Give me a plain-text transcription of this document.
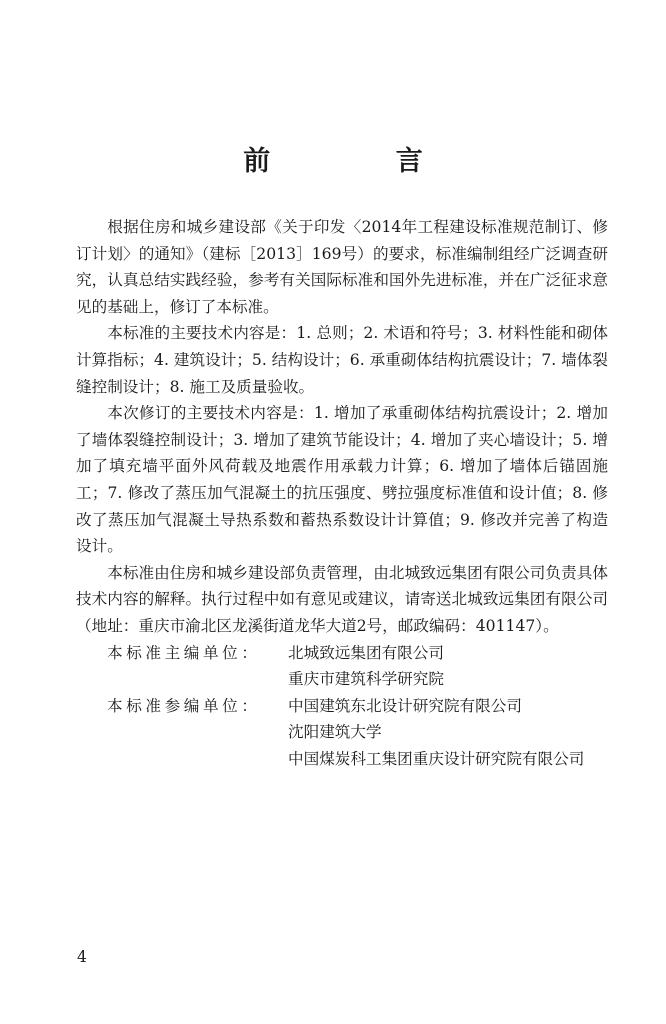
前 言

根据住房和城乡建设部《关于印发〈2014年工程建设标准规范制订、修订计划〉的通知》（建标［2013］169号）的要求，标准编制组经广泛调查研究，认真总结实践经验，参考有关国际标准和国外先进标准，并在广泛征求意见的基础上，修订了本标准。

本标准的主要技术内容是：1. 总则；2. 术语和符号；3. 材料性能和砌体计算指标；4. 建筑设计；5. 结构设计；6. 承重砌体结构抗震设计；7. 墙体裂缝控制设计；8. 施工及质量验收。

本次修订的主要技术内容是：1. 增加了承重砌体结构抗震设计；2. 增加了墙体裂缝控制设计；3. 增加了建筑节能设计；4. 增加了夹心墙设计；5. 增加了填充墙平面外风荷载及地震作用承载力计算；6. 增加了墙体后锚固施工；7. 修改了蒸压加气混凝土的抗压强度、劈拉强度标准值和设计值；8. 修改了蒸压加气混凝土导热系数和蓄热系数设计计算值；9. 修改并完善了构造设计。

本标准由住房和城乡建设部负责管理，由北城致远集团有限公司负责具体技术内容的解释。执行过程中如有意见或建议，请寄送北城致远集团有限公司（地址：重庆市渝北区龙溪街道龙华大道2号，邮政编码：401147）。

本标准主编单位：	北城致远集团有限公司
重庆市建筑科学研究院
本标准参编单位：	中国建筑东北设计研究院有限公司
沈阳建筑大学
中国煤炭科工集团重庆设计研究院有限公司
4
